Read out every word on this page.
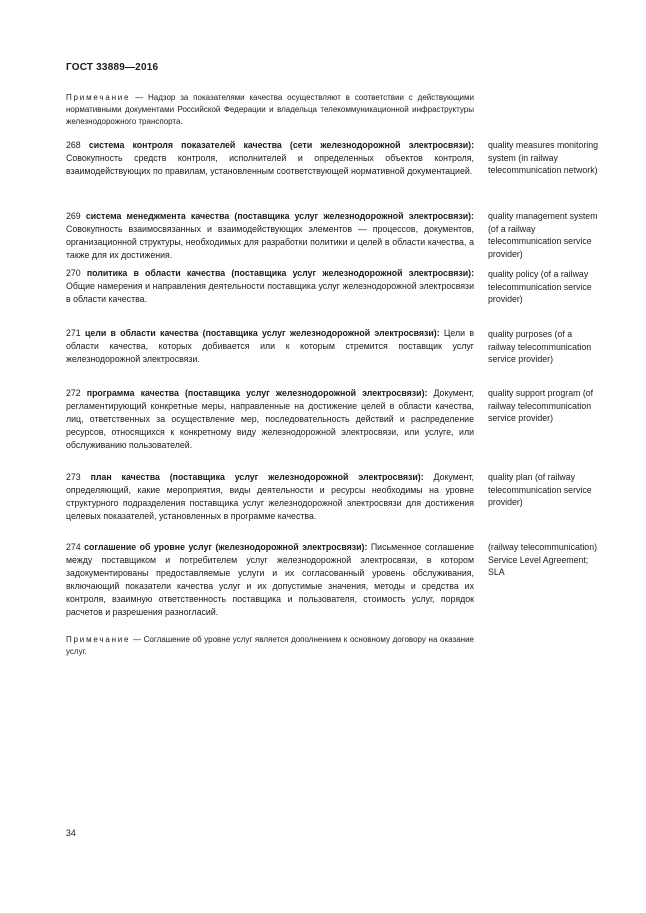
ГОСТ 33889—2016
Примечание — Надзор за показателями качества осуществляют в соответствии с действующими нормативными документами Российской Федерации и владельца телекоммуникационной инфраструктуры железнодорожного транспорта.
268 система контроля показателей качества (сети железнодорожной электросвязи): Совокупность средств контроля, исполнителей и определенных объектов контроля, взаимодействующих по правилам, установленным соответствующей нормативной документацией.
quality measures monitoring system (in railway telecommunication network)
269 система менеджмента качества (поставщика услуг железнодорожной электросвязи): Совокупность взаимосвязанных и взаимодействующих элементов — процессов, документов, организационной структуры, необходимых для разработки политики и целей в области качества, а также для их достижения.
quality management system (of a railway telecommunication service provider)
270 политика в области качества (поставщика услуг железнодорожной электросвязи): Общие намерения и направления деятельности поставщика услуг железнодорожной электросвязи в области качества.
quality policy (of a railway telecommunication service provider)
271 цели в области качества (поставщика услуг железнодорожной электросвязи): Цели в области качества, которых добивается или к которым стремится поставщик услуг железнодорожной электросвязи.
quality purposes (of a railway telecommunication service provider)
272 программа качества (поставщика услуг железнодорожной электросвязи): Документ, регламентирующий конкретные меры, направленные на достижение целей в области качества, лиц, ответственных за осуществление мер, последовательность действий и распределение ресурсов, относящихся к конкретному виду железнодорожной электросвязи, или услуге, или обслуживанию пользователей.
quality support program (of railway telecommunication service provider)
273 план качества (поставщика услуг железнодорожной электросвязи): Документ, определяющий, какие мероприятия, виды деятельности и ресурсы необходимы на уровне структурного подразделения поставщика услуг железнодорожной электросвязи для достижения целевых показателей, установленных в программе качества.
quality plan (of railway telecommunication service provider)
274 соглашение об уровне услуг (железнодорожной электросвязи): Письменное соглашение между поставщиком и потребителем услуг железнодорожной электросвязи, в котором задокументированы предоставляемые услуги и их согласованный уровень обслуживания, включающий показатели качества услуг и их допустимые значения, методы и средства их контроля, взаимную ответственность поставщика и пользователя, стоимость услуг, порядок расчетов и разрешения разногласий.
(railway telecommunication) Service Level Agreement; SLA
Примечание — Соглашение об уровне услуг является дополнением к основному договору на оказание услуг.
34
